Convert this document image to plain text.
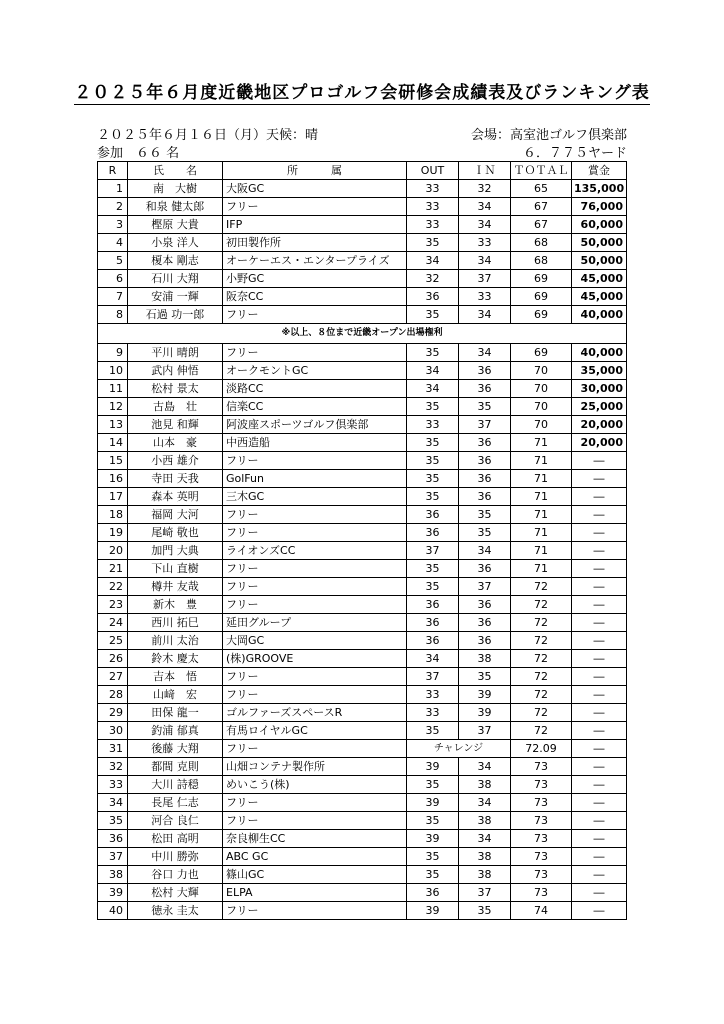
２０２５年６月度近畿地区プロゴルフ会研修会成績表及びランキング表
２０２５年６月１６日（月）天候：晴	会場：高室池ゴルフ倶楽部
参加　６６ 名	６．７７５ヤード
R	氏　　名	所　　　属	OUT	ＩＮ	ＴＯＴＡＬ	賞金
1	南　大樹	大阪GC	33	32	65	135,000
2	和泉 健太郎	フリー	33	34	67	76,000
3	樫原 大貴	IFP	33	34	67	60,000
4	小泉 洋人	初田製作所	35	33	68	50,000
5	榎本 剛志	オーケーエス・エンタープライズ	34	34	68	50,000
6	石川 大翔	小野GC	32	37	69	45,000
7	安浦 一輝	阪奈CC	36	33	69	45,000
8	石過 功一郎	フリー	35	34	69	40,000
※以上、８位まで近畿オープン出場権利						
9	平川 晴朗	フリー	35	34	69	40,000
10	武内 伸悟	オークモントGC	34	36	70	35,000
11	松村 景太	淡路CC	34	36	70	30,000
12	古島　壮	信楽CC	35	35	70	25,000
13	池見 和輝	阿波座スポーツゴルフ倶楽部	33	37	70	20,000
14	山本　豪	中西造船	35	36	71	20,000
15	小西 雄介	フリー	35	36	71	―
16	寺田 天我	GolFun	35	36	71	―
17	森本 英明	三木GC	35	36	71	―
18	福岡 大河	フリー	36	35	71	―
19	尾崎 敬也	フリー	36	35	71	―
20	加門 大典	ライオンズCC	37	34	71	―
21	下山 直樹	フリー	35	36	71	―
22	樽井 友哉	フリー	35	37	72	―
23	新木　豊	フリー	36	36	72	―
24	西川 拓巳	延田グループ	36	36	72	―
25	前川 太治	大岡GC	36	36	72	―
26	鈴木 慶太	(株)GROOVE	34	38	72	―
27	吉本　悟	フリー	37	35	72	―
28	山﨑　宏	フリー	33	39	72	―
29	田保 龍一	ゴルファーズスペースR	33	39	72	―
30	釣浦 郁真	有馬ロイヤルGC	35	37	72	―
31	後藤 大翔	フリー	チャレンジ		72.09	―
32	都間 克則	山畑コンテナ製作所	39	34	73	―
33	大川 詩穏	めいこう(株)	35	38	73	―
34	長尾 仁志	フリー	39	34	73	―
35	河合 良仁	フリー	35	38	73	―
36	松田 高明	奈良柳生CC	39	34	73	―
37	中川 勝弥	ABC GC	35	38	73	―
38	谷口 力也	篠山GC	35	38	73	―
39	松村 大輝	ELPA	36	37	73	―
40	徳永 圭太	フリー	39	35	74	―
